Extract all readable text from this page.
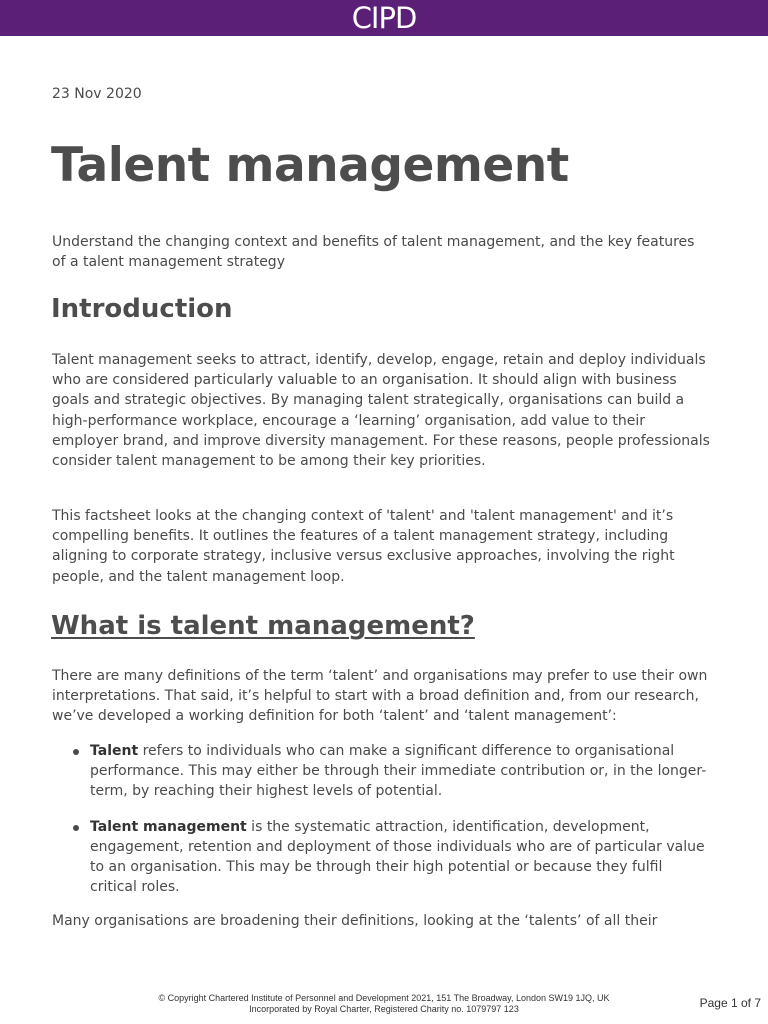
CIPD
23 Nov 2020
Talent management

Understand the changing context and benefits of talent management, and the key features of a talent management strategy

Introduction

Talent management seeks to attract, identify, develop, engage, retain and deploy individuals who are considered particularly valuable to an organisation. It should align with business goals and strategic objectives. By managing talent strategically, organisations can build a high-performance workplace, encourage a ‘learning’ organisation, add value to their employer brand, and improve diversity management. For these reasons, people professionals consider talent management to be among their key priorities.

This factsheet looks at the changing context of 'talent' and 'talent management' and it’s compelling benefits. It outlines the features of a talent management strategy, including aligning to corporate strategy, inclusive versus exclusive approaches, involving the right people, and the talent management loop.

What is talent management?

There are many definitions of the term ‘talent’ and organisations may prefer to use their own interpretations. That said, it’s helpful to start with a broad definition and, from our research, we’ve developed a working definition for both ‘talent’ and ‘talent management’:

Talent refers to individuals who can make a significant difference to organisational performance. This may either be through their immediate contribution or, in the longer-term, by reaching their highest levels of potential.
Talent management is the systematic attraction, identification, development, engagement, retention and deployment of those individuals who are of particular value to an organisation. This may be through their high potential or because they fulfil critical roles.

Many organisations are broadening their definitions, looking at the ‘talents’ of all their

© Copyright Chartered Institute of Personnel and Development 2021, 151 The Broadway, London SW19 1JQ, UK
Incorporated by Royal Charter, Registered Charity no. 1079797 123	Page 1 of 7
